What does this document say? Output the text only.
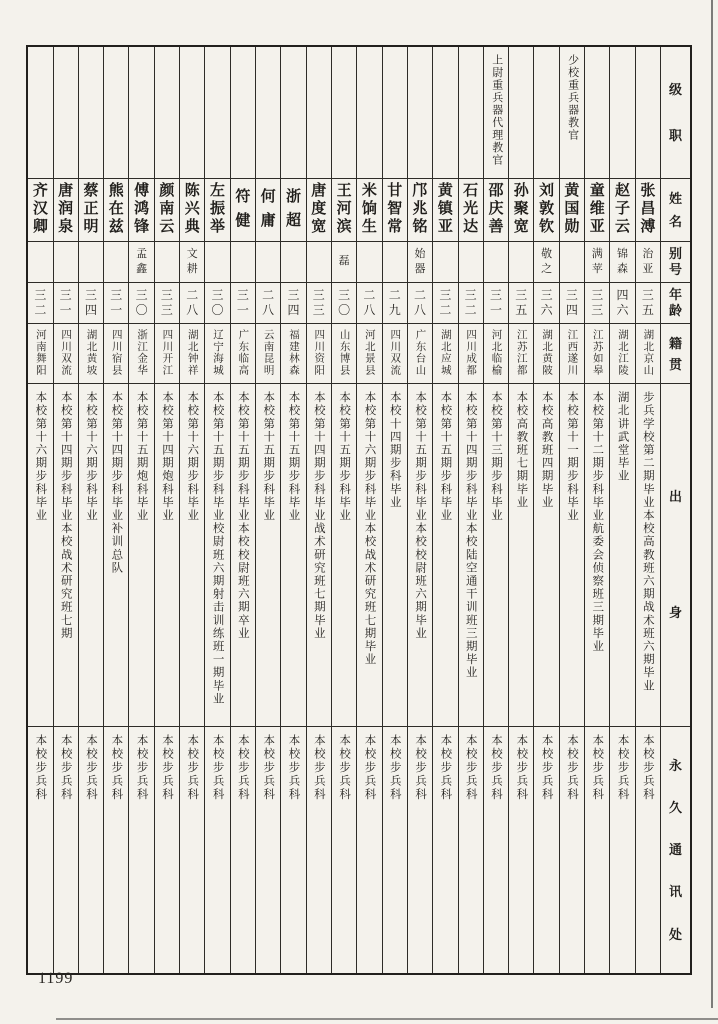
级
职
姓
名
别
号
年
龄
籍
贯
出
身
永
久
通
讯
处
张
昌
溥
治
亚
三
五
湖北京山
步兵学校第二期毕业本校高教班六期战术班六期毕业
本校步兵科
赵
子
云
锦
森
四
六
湖北江陵
湖北讲武堂毕业
本校步兵科
童
维
亚
满
苹
三
三
江苏如皋
本校第十二期步科毕业航委会侦察班三期毕业
本校步兵科
少校重兵器教官
黄
国
勋
三
四
江西遂川
本校第十一期步科毕业
本校步兵科
刘
敦
钦
敬
之
三
六
湖北黄陂
本校高教班四期毕业
本校步兵科
孙
聚
宽
三
五
江苏江都
本校高教班七期毕业
本校步兵科
上尉重兵器代理教官
邵
庆
善
三
一
河北临榆
本校第十三期步科毕业
本校步兵科
石
光
达
三
二
四川成都
本校第十四期步科毕业本校陆空通干训班三期毕业
本校步兵科
黄
镇
亚
三
二
湖北应城
本校第十五期步科毕业
本校步兵科
邝
兆
铭
始
器
二
八
广东台山
本校第十五期步科毕业本校校尉班六期毕业
本校步兵科
甘
智
常
二
九
四川双流
本校十四期步科毕业
本校步兵科
米
饷
生
二
八
河北景县
本校第十六期步科毕业本校战术研究班七期毕业
本校步兵科
王
河
滨
磊
三
〇
山东博县
本校第十五期步科毕业
本校步兵科
唐
度
宽
三
三
四川资阳
本校第十四期步科毕业战术研究班七期毕业
本校步兵科
浙
超
三
四
福建林森
本校第十五期步科毕业
本校步兵科
何
庸
二
八
云南昆明
本校第十五期步科毕业
本校步兵科
符
健
三
一
广东临高
本校第十五期步科毕业本校校尉班六期卒业
本校步兵科
左
振
举
三
〇
辽宁海城
本校第十五期步科毕业校尉班六期射击训练班一期毕业
本校步兵科
陈
兴
典
文
耕
二
八
湖北钟祥
本校第十六期步科毕业
本校步兵科
颜
南
云
三
三
四川开江
本校第十四期炮科毕业
本校步兵科
傅
鸿
锋
孟
鑫
三
〇
浙江金华
本校第十五期炮科毕业
本校步兵科
熊
在
兹
三
一
四川宿县
本校第十四期步科毕业补训总队
本校步兵科
蔡
正
明
三
四
湖北黄坡
本校第十六期步科毕业
本校步兵科
唐
润
泉
三
一
四川双流
本校第十四期步科毕业本校战术研究班七期
本校步兵科
齐
汉
卿
三
二
河南舞阳
本校第十六期步科毕业
本校步兵科
1199
